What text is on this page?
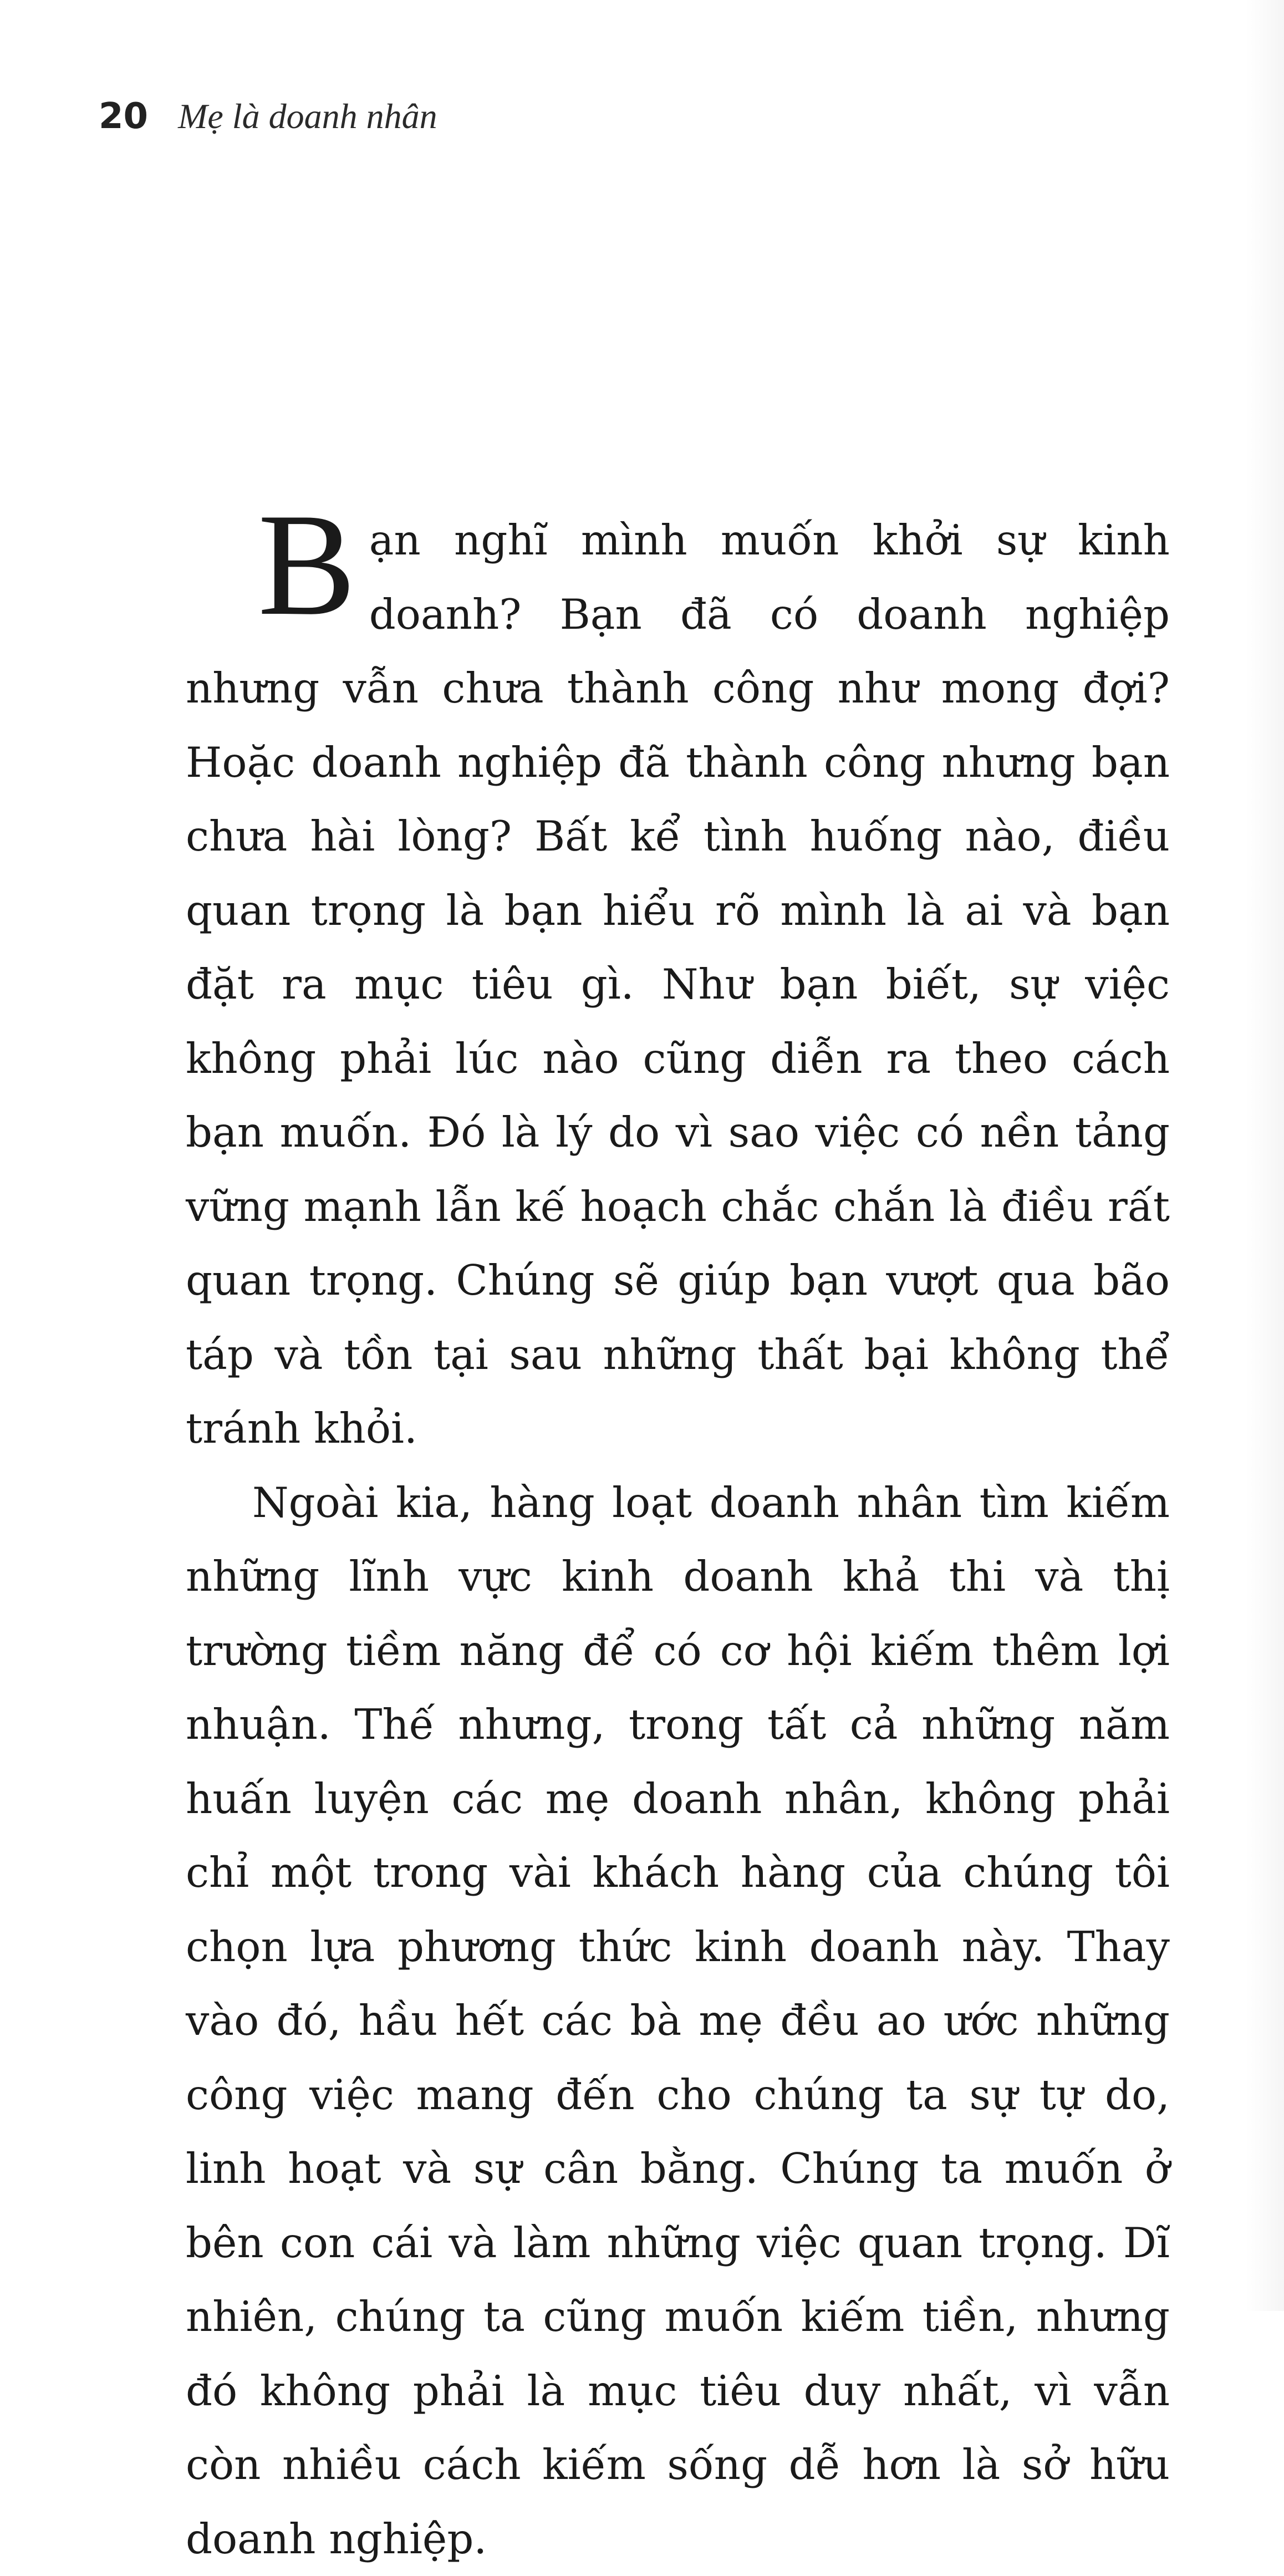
20 Mẹ là doanh nhân

Bạn nghĩ mình muốn khởi sự kinh doanh? Bạn đã có doanh nghiệp nhưng vẫn chưa thành công như mong đợi? Hoặc doanh nghiệp đã thành công nhưng bạn chưa hài lòng? Bất kể tình huống nào, điều quan trọng là bạn hiểu rõ mình là ai và bạn đặt ra mục tiêu gì. Như bạn biết, sự việc không phải lúc nào cũng diễn ra theo cách bạn muốn. Đó là lý do vì sao việc có nền tảng vững mạnh lẫn kế hoạch chắc chắn là điều rất quan trọng. Chúng sẽ giúp bạn vượt qua bão táp và tồn tại sau những thất bại không thể tránh khỏi.

Ngoài kia, hàng loạt doanh nhân tìm kiếm những lĩnh vực kinh doanh khả thi và thị trường tiềm năng để có cơ hội kiếm thêm lợi nhuận. Thế nhưng, trong tất cả những năm huấn luyện các mẹ doanh nhân, không phải chỉ một trong vài khách hàng của chúng tôi chọn lựa phương thức kinh doanh này. Thay vào đó, hầu hết các bà mẹ đều ao ước những công việc mang đến cho chúng ta sự tự do, linh hoạt và sự cân bằng. Chúng ta muốn ở bên con cái và làm những việc quan trọng. Dĩ nhiên, chúng ta cũng muốn kiếm tiền, nhưng đó không phải là mục tiêu duy nhất, vì vẫn còn nhiều cách kiếm sống dễ hơn là sở hữu doanh nghiệp.
